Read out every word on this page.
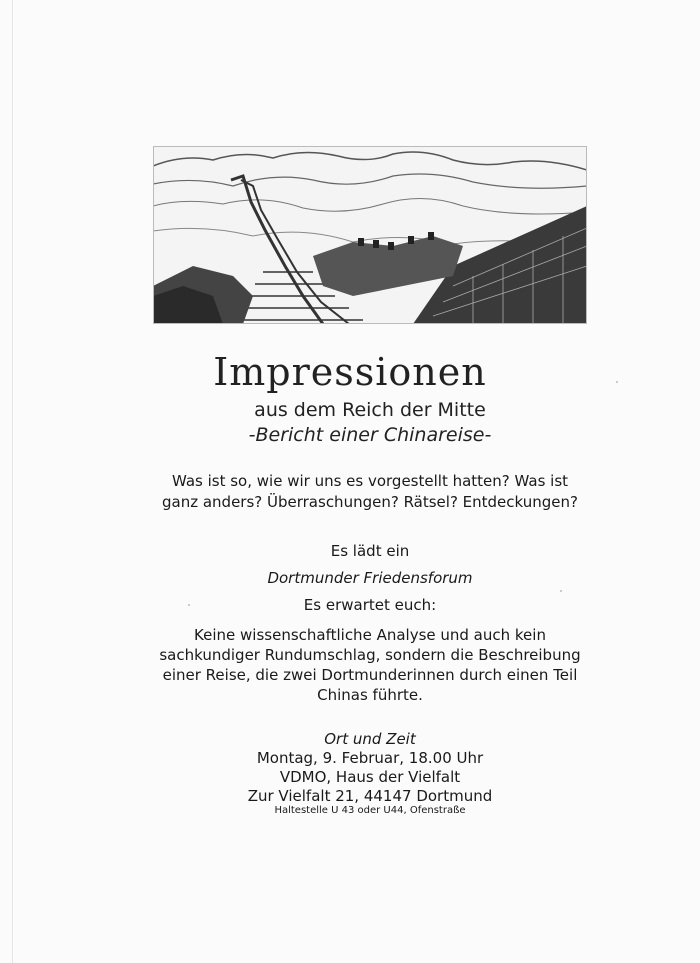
Impressionen
aus dem Reich der Mitte
-Bericht einer Chinareise-
Was ist so, wie wir uns es vorgestellt hatten? Was ist
ganz anders? Überraschungen? Rätsel? Entdeckungen?
Es lädt ein
Dortmunder Friedensforum
Es erwartet euch:
Keine wissenschaftliche Analyse und auch kein
sachkundiger Rundumschlag, sondern die Beschreibung
einer Reise, die zwei Dortmunderinnen durch einen Teil
Chinas führte.
Ort und Zeit
Montag, 9. Februar, 18.00 Uhr
VDMO, Haus der Vielfalt
Zur Vielfalt 21, 44147 Dortmund
Haltestelle U 43 oder U44, Ofenstraße
